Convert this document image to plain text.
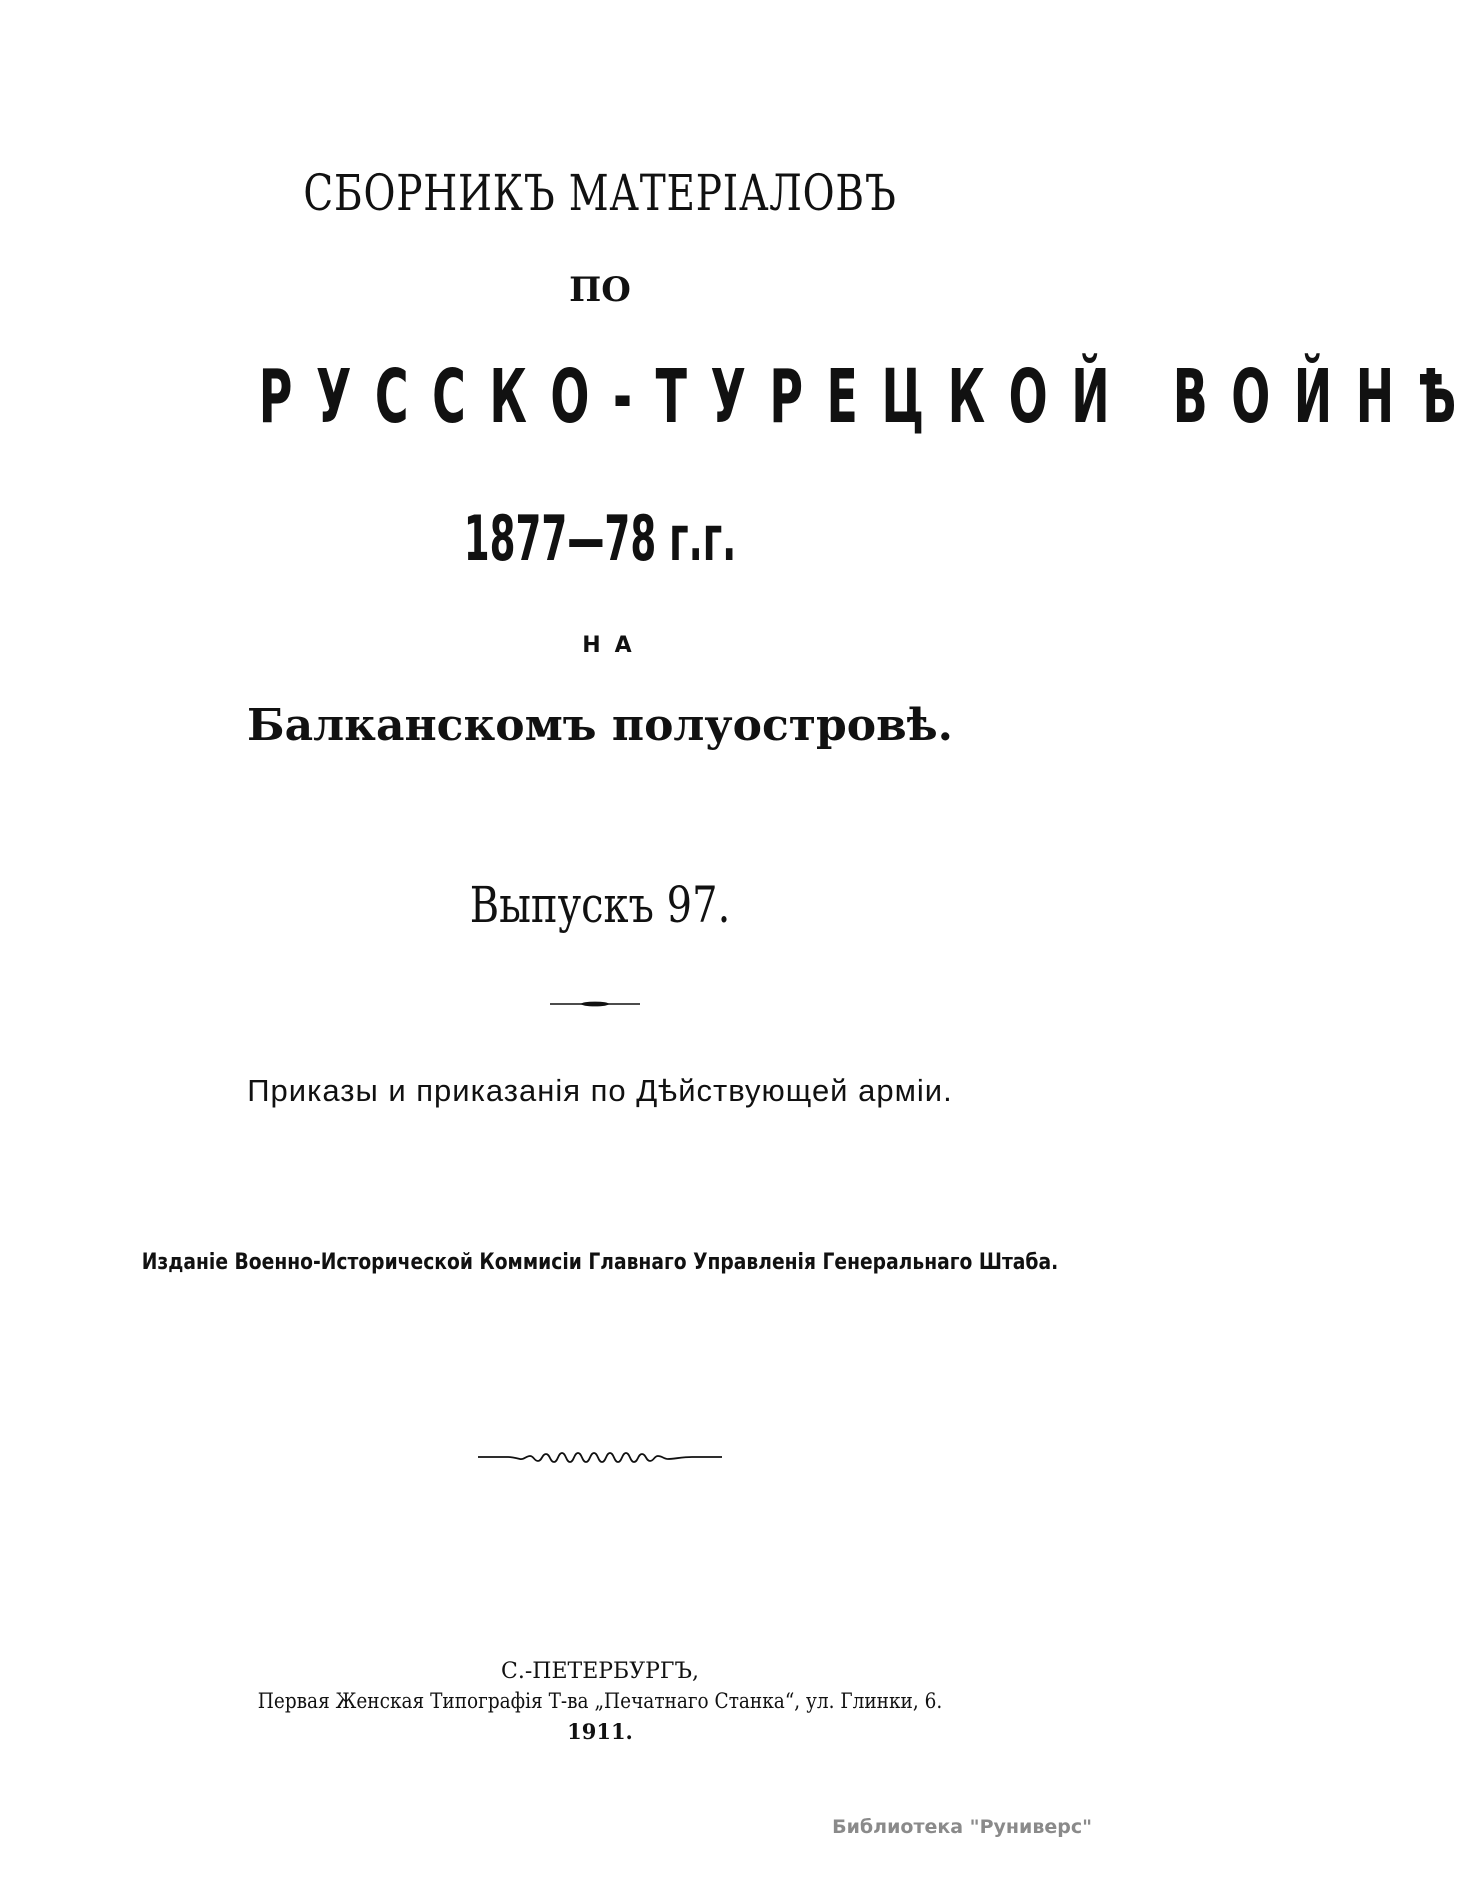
СБОРНИКЪ МАТЕРІАЛОВЪ
ПО
РУССКО-ТУРЕЦКОЙ ВОЙНѢ
1877—78 г.г.
НА
Балканскомъ полуостровѣ.
Выпускъ 97.
Приказы и приказанія по Дѣйствующей арміи.
Изданіе Военно-Исторической Коммисіи Главнаго Управленія Генеральнаго Штаба.
С.-ПЕТЕРБУРГЪ,
Первая Женская Типографія Т-ва „Печатнаго Станка“, ул. Глинки, 6.
1911.
Библиотека "Руниверс"
